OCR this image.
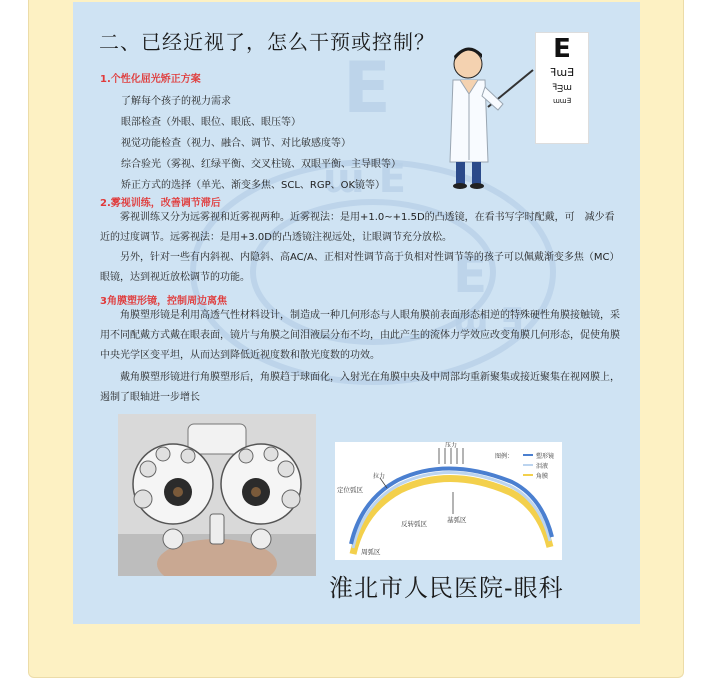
E
ɯ E
E
ɯ ∃
二、已经近视了，怎么干预或控制？	E
ꟻɯ∃
ꟻᴟɯ
ɯɯ∃
1.个性化屈光矫正方案
了解每个孩子的视力需求
眼部检查（外眼、眼位、眼底、眼压等）
视觉功能检查（视力、融合、调节、对比敏感度等）
综合验光（雾视、红绿平衡、交叉柱镜、双眼平衡、主导眼等）
矫正方式的选择（单光、渐变多焦、SCL、RGP、OK镜等）
2.雾视训练，改善调节滞后
雾视训练又分为远雾视和近雾视两种。近雾视法：是用+1.0~+1.5D的凸透镜，在看书写字时配戴，可　减少看近的过度调节。远雾视法：是用+3.0D的凸透镜注视远处，让眼调节充分放松。
另外，针对一些有内斜视、内隐斜、高AC/A、正相对性调节高于负相对性调节等的孩子可以佩戴渐变多焦（MC）眼镜，达到视近放松调节的功能。
3角膜塑形镜，控制周边离焦
角膜塑形镜是利用高透气性材料设计，制造成一种几何形态与人眼角膜前表面形态相逆的特殊硬性角膜接触镜，采用不同配戴方式戴在眼表面，镜片与角膜之间泪液层分布不均，由此产生的流体力学效应改变角膜几何形态，促使角膜中央光学区变平坦，从而达到降低近视度数和散光度数的功效。
戴角膜塑形镜进行角膜塑形后，角膜趋于球面化，入射光在角膜中央及中周部均重新聚集或接近聚集在视网膜上，遏制了眼轴进一步增长
压力
拉力
定位弧区
反转弧区	基弧区
周弧区
图例：	塑形镜
泪液
角膜
淮北市人民医院-眼科
